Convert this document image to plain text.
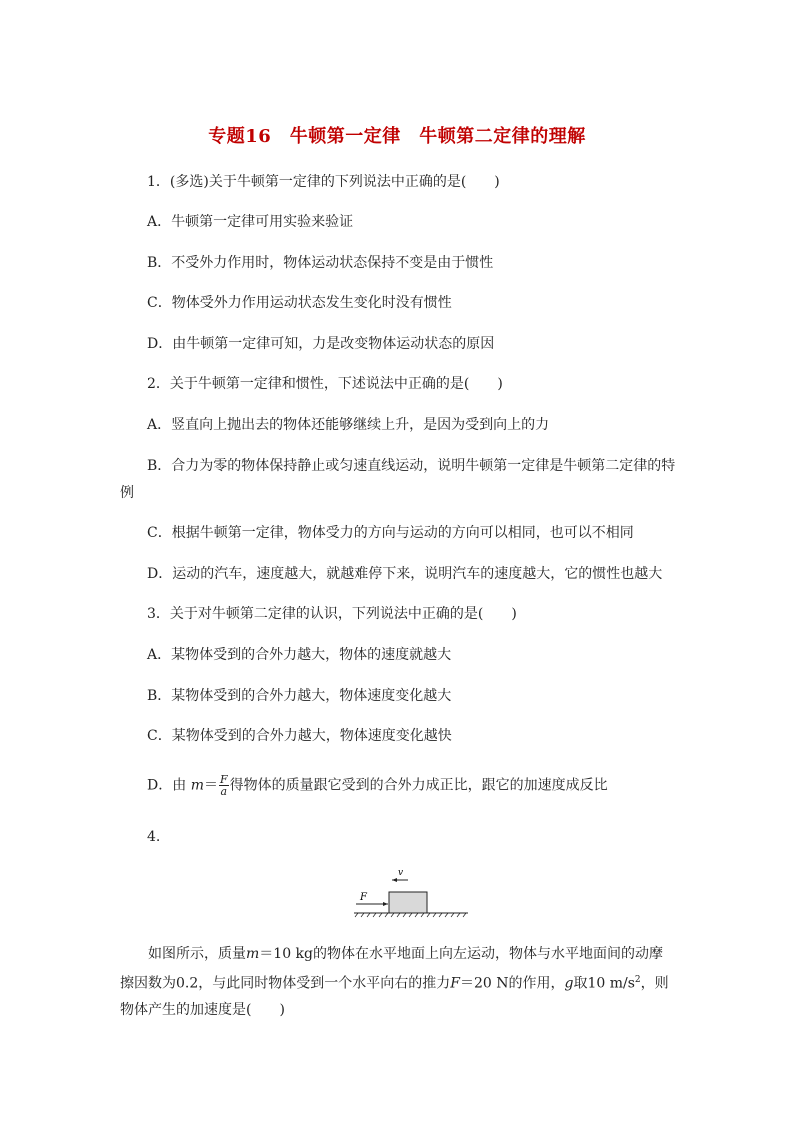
专题16　牛顿第一定律　牛顿第二定律的理解
1．(多选)关于牛顿第一定律的下列说法中正确的是(　　)
A．牛顿第一定律可用实验来验证
B．不受外力作用时，物体运动状态保持不变是由于惯性
C．物体受外力作用运动状态发生变化时没有惯性
D．由牛顿第一定律可知，力是改变物体运动状态的原因
2．关于牛顿第一定律和惯性，下述说法中正确的是(　　)
A．竖直向上抛出去的物体还能够继续上升，是因为受到向上的力
B．合力为零的物体保持静止或匀速直线运动，说明牛顿第一定律是牛顿第二定律的特
例
C．根据牛顿第一定律，物体受力的方向与运动的方向可以相同，也可以不相同
D．运动的汽车，速度越大，就越难停下来，说明汽车的速度越大，它的惯性也越大
3．关于对牛顿第二定律的认识，下列说法中正确的是(　　)
A．某物体受到的合外力越大，物体的速度就越大
B．某物体受到的合外力越大，物体速度变化越大
C．某物体受到的合外力越大，物体速度变化越快
D．由 $m= \frac{F}{a}$ 得物体的质量跟它受到的合外力成正比，跟它的加速度成反比
4.
v
F
如图所示，质量m＝10 kg的物体在水平地面上向左运动，物体与水平地面间的动摩擦因数为0.2，与此同时物体受到一个水平向右的推力F＝20 N的作用，g取10 $m/s^2$，则物体产生的加速度是(　　)
